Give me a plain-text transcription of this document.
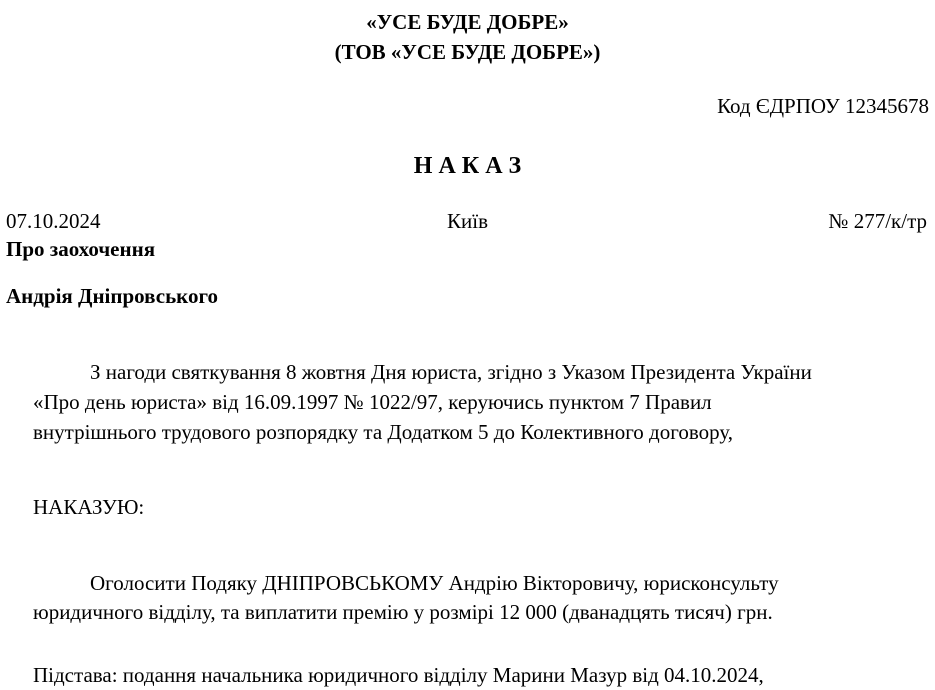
«УСЕ БУДЕ ДОБРЕ»
(ТОВ «УСЕ БУДЕ ДОБРЕ»)
Код ЄДРПОУ 12345678
Н А К А З
07.10.2024	Київ	№ 277/к/тр
Про заохочення
Андрія Дніпровського
З нагоди святкування 8 жовтня Дня юриста, згідно з Указом Президента України
«Про день юриста» від 16.09.1997 № 1022/97, керуючись пунктом 7 Правил
внутрішнього трудового розпорядку та Додатком 5 до Колективного договору,
НАКАЗУЮ:
Оголосити Подяку ДНІПРОВСЬКОМУ Андрію Вікторовичу, юрисконсульту
юридичного відділу, та виплатити премію у розмірі 12 000 (дванадцять тисяч) грн.
Підстава: подання начальника юридичного відділу Марини Мазур від 04.10.2024,
